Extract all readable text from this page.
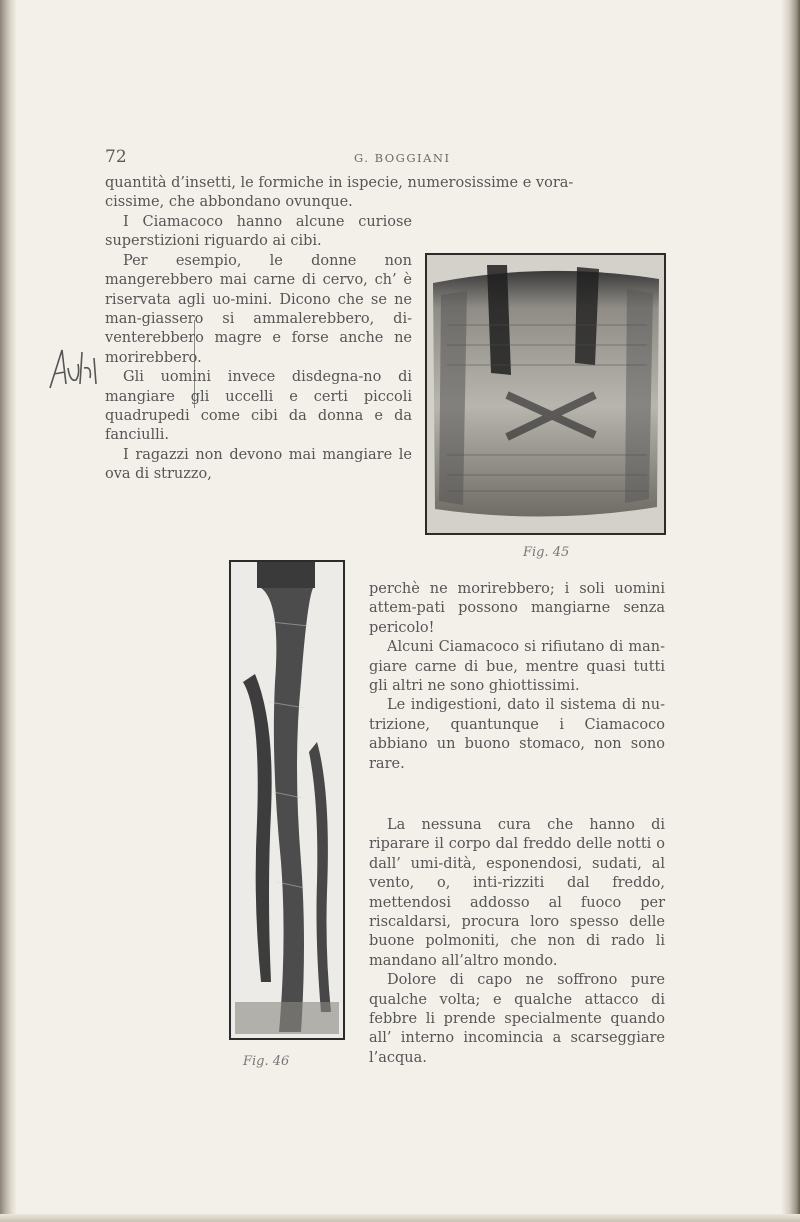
72	G. BOGGIANI

quantità d’insetti, le formiche in ispecie, numerosissime e vora-

cissime, che abbondano ovunque.

I Ciamacoco hanno alcune curiose superstizioni riguardo ai cibi.

Per esempio, le donne non mangerebbero mai carne di cervo, ch’ è riservata agli uo-mini. Dicono che se ne man-giassero si ammalerebbero, di-venterebbero magre e forse anche ne morirebbero.

Gli uomini invece disdegna-no di mangiare gli uccelli e certi piccoli quadrupedi come cibi da donna e da fanciulli.

I ragazzi non devono mai mangiare le ova di struzzo,

Fig. 45
Fig. 46

perchè ne morirebbero; i soli uomini attem-pati possono mangiarne senza pericolo!

Alcuni Ciamacoco si rifiutano di man-giare carne di bue, mentre quasi tutti gli altri ne sono ghiottissimi.

Le indigestioni, dato il sistema di nu-trizione, quantunque i Ciamacoco abbiano un buono stomaco, non sono rare.

La nessuna cura che hanno di riparare il corpo dal freddo delle notti o dall’ umi-dità, esponendosi, sudati, al vento, o, inti-rizziti dal freddo, mettendosi addosso al fuoco per riscaldarsi, procura loro spesso delle buone polmoniti, che non di rado li mandano all’altro mondo.

Dolore di capo ne soffrono pure qualche volta; e qualche attacco di febbre li prende specialmente quando all’ interno incomincia a scarseggiare l’acqua.
